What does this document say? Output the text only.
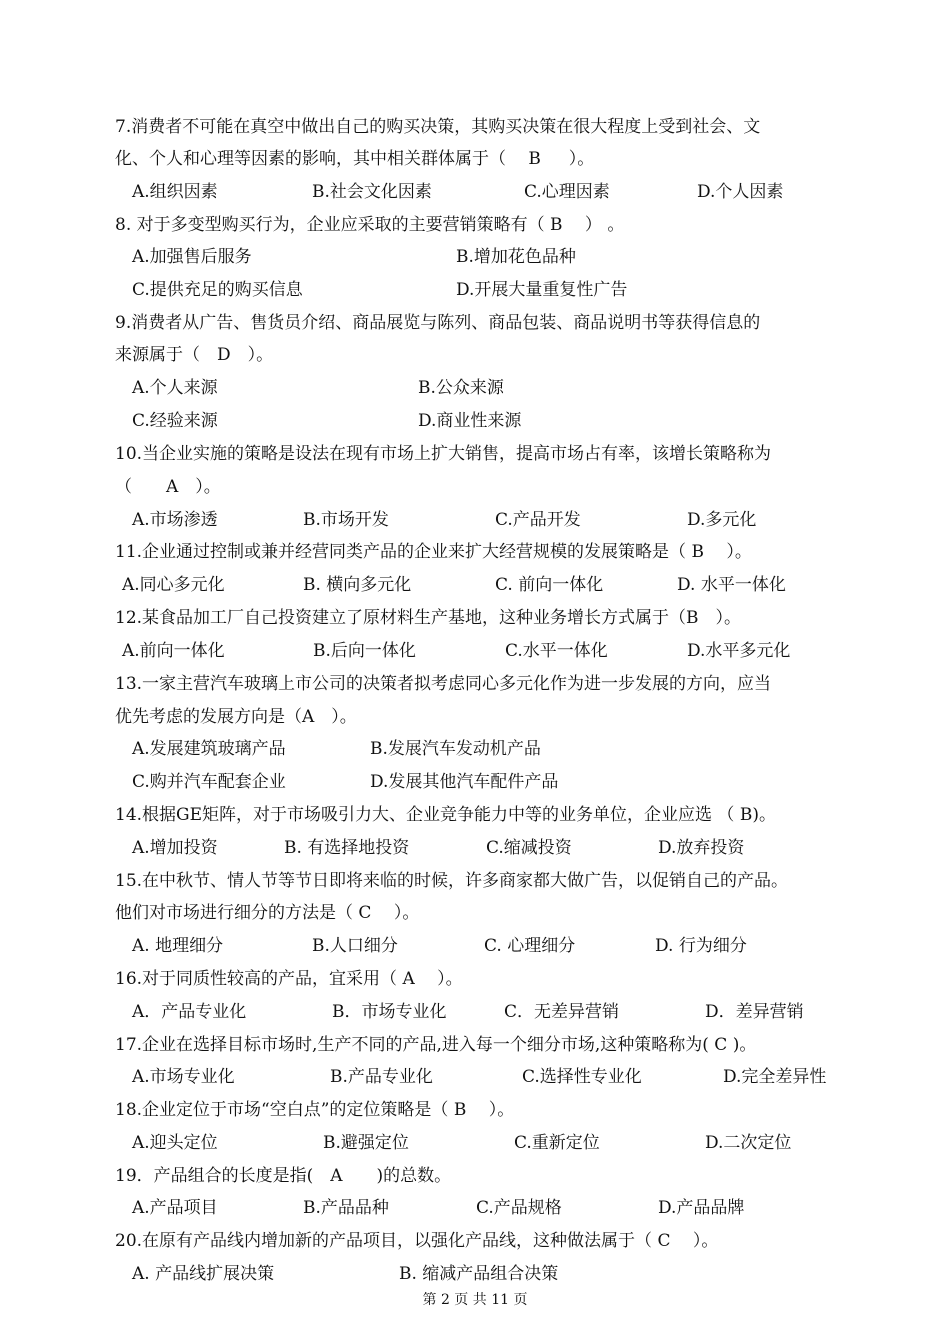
7.消费者不可能在真空中做出自己的购买决策，其购买决策在很大程度上受到社会、文
化、个人和心理等因素的影响，其中相关群体属于（　 B 　 ）。
A.组织因素	B.社会文化因素	C.心理因素	D.个人因素
8. 对于多变型购买行为，企业应采取的主要营销策略有（ B　 ） 。
A.加强售后服务	B.增加花色品种
C.提供充足的购买信息	D.开展大量重复性广告
9.消费者从广告、售货员介绍、商品展览与陈列、商品包装、商品说明书等获得信息的
来源属于（　D　）。
A.个人来源	B.公众来源
C.经验来源	D.商业性来源
10.当企业实施的策略是设法在现有市场上扩大销售，提高市场占有率，该增长策略称为
（　　A　）。
A.市场渗透	B.市场开发	C.产品开发	D.多元化
11.企业通过控制或兼并经营同类产品的企业来扩大经营规模的发展策略是（ B　 ）。
A.同心多元化	B. 横向多元化	C. 前向一体化	D. 水平一体化
12.某食品加工厂自己投资建立了原材料生产基地，这种业务增长方式属于（B　）。
A.前向一体化	B.后向一体化	C.水平一体化	D.水平多元化
13.一家主营汽车玻璃上市公司的决策者拟考虑同心多元化作为进一步发展的方向，应当
优先考虑的发展方向是（A　）。
A.发展建筑玻璃产品	B.发展汽车发动机产品
C.购并汽车配套企业	D.发展其他汽车配件产品
14.根据GE矩阵，对于市场吸引力大、企业竞争能力中等的业务单位，企业应选 （ B)。
A.增加投资	B. 有选择地投资	C.缩减投资	D.放弃投资
15.在中秋节、情人节等节日即将来临的时候，许多商家都大做广告，以促销自己的产品。
他们对市场进行细分的方法是（ C　 ）。
A. 地理细分	B.人口细分	C. 心理细分	D. 行为细分
16.对于同质性较高的产品，宜采用（ A　 ）。
A．产品专业化	B．市场专业化	C．无差异营销	D．差异营销
17.企业在选择目标市场时,生产不同的产品,进入每一个细分市场,这种策略称为( C )。
A.市场专业化	B.产品专业化	C.选择性专业化	D.完全差异性
18.企业定位于市场“空白点”的定位策略是（ B　 ）。
A.迎头定位	B.避强定位	C.重新定位	D.二次定位
19．产品组合的长度是指(　A　　)的总数。
A.产品项目	B.产品品种	C.产品规格	D.产品品牌
20.在原有产品线内增加新的产品项目，以强化产品线，这种做法属于（ C　 ）。
A. 产品线扩展决策	B. 缩减产品组合决策
第 2 页 共 11 页
